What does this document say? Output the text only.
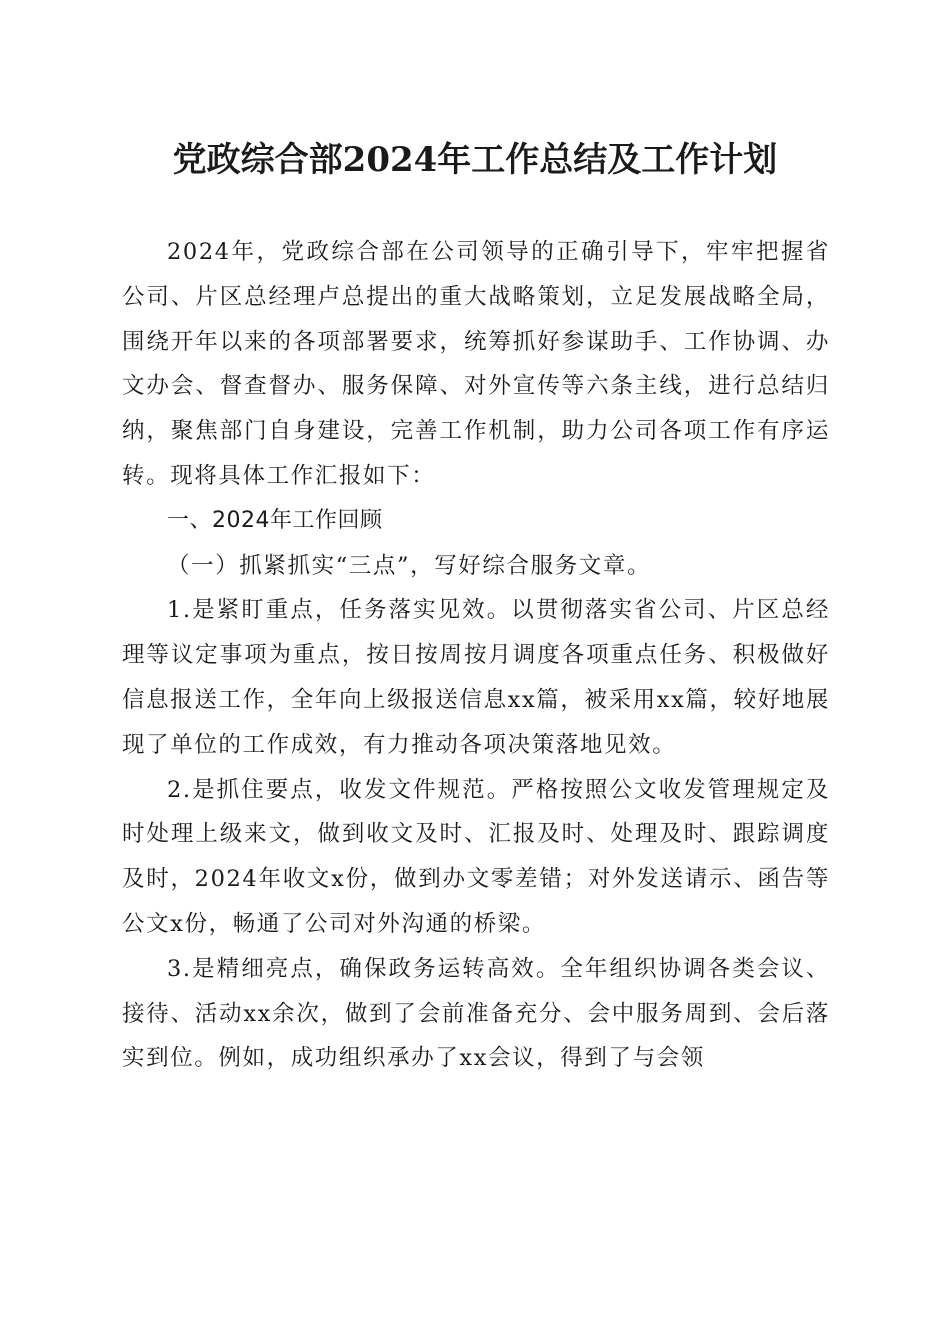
党政综合部2024年工作总结及工作计划

2024年，党政综合部在公司领导的正确引导下，牢牢把握省公司、片区总经理卢总提出的重大战略策划，立足发展战略全局，围绕开年以来的各项部署要求，统筹抓好参谋助手、工作协调、办文办会、督查督办、服务保障、对外宣传等六条主线，进行总结归纳，聚焦部门自身建设，完善工作机制，助力公司各项工作有序运转。现将具体工作汇报如下：

一、2024年工作回顾

（一）抓紧抓实“三点”，写好综合服务文章。

1.是紧盯重点，任务落实见效。以贯彻落实省公司、片区总经理等议定事项为重点，按日按周按月调度各项重点任务、积极做好信息报送工作，全年向上级报送信息xx篇，被采用xx篇，较好地展现了单位的工作成效，有力推动各项决策落地见效。

2.是抓住要点，收发文件规范。严格按照公文收发管理规定及时处理上级来文，做到收文及时、汇报及时、处理及时、跟踪调度及时，2024年收文x份，做到办文零差错；对外发送请示、函告等公文x份，畅通了公司对外沟通的桥梁。

3.是精细亮点，确保政务运转高效。全年组织协调各类会议、接待、活动xx余次，做到了会前准备充分、会中服务周到、会后落实到位。例如，成功组织承办了xx会议，得到了与会领
